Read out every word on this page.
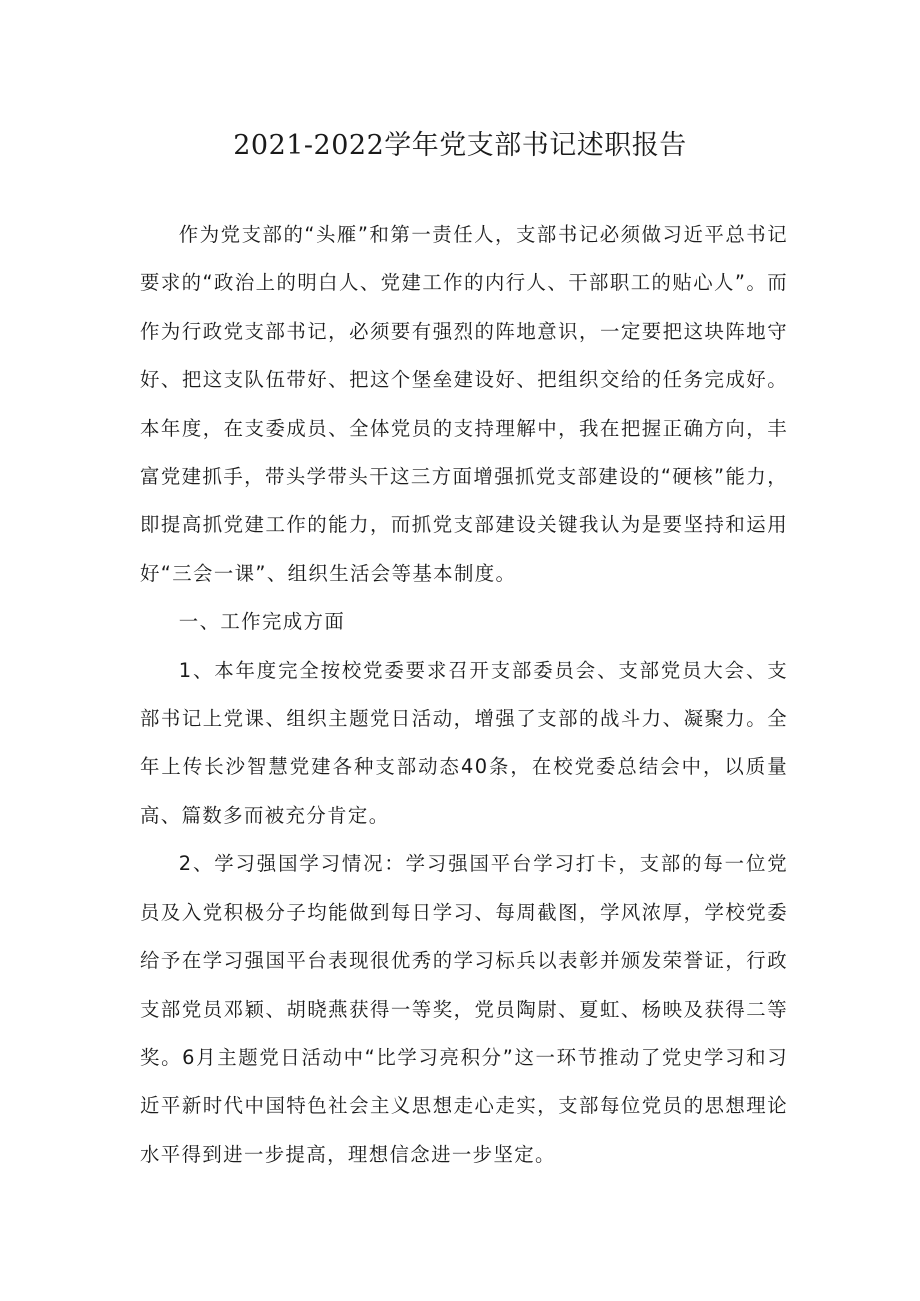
2021-2022学年党支部书记述职报告

作为党支部的“头雁”和第一责任人，支部书记必须做习近平总书记要求的“政治上的明白人、党建工作的内行人、干部职工的贴心人”。而作为行政党支部书记，必须要有强烈的阵地意识，一定要把这块阵地守好、把这支队伍带好、把这个堡垒建设好、把组织交给的任务完成好。本年度，在支委成员、全体党员的支持理解中，我在把握正确方向，丰富党建抓手，带头学带头干这三方面增强抓党支部建设的“硬核”能力，即提高抓党建工作的能力，而抓党支部建设关键我认为是要坚持和运用好“三会一课”、组织生活会等基本制度。

一、工作完成方面

1、本年度完全按校党委要求召开支部委员会、支部党员大会、支部书记上党课、组织主题党日活动，增强了支部的战斗力、凝聚力。全年上传长沙智慧党建各种支部动态40条，在校党委总结会中，以质量高、篇数多而被充分肯定。

2、学习强国学习情况：学习强国平台学习打卡，支部的每一位党员及入党积极分子均能做到每日学习、每周截图，学风浓厚，学校党委给予在学习强国平台表现很优秀的学习标兵以表彰并颁发荣誉证，行政支部党员邓颖、胡晓燕获得一等奖，党员陶尉、夏虹、杨映及获得二等奖。6月主题党日活动中“比学习亮积分”这一环节推动了党史学习和习近平新时代中国特色社会主义思想走心走实，支部每位党员的思想理论水平得到进一步提高，理想信念进一步坚定。
